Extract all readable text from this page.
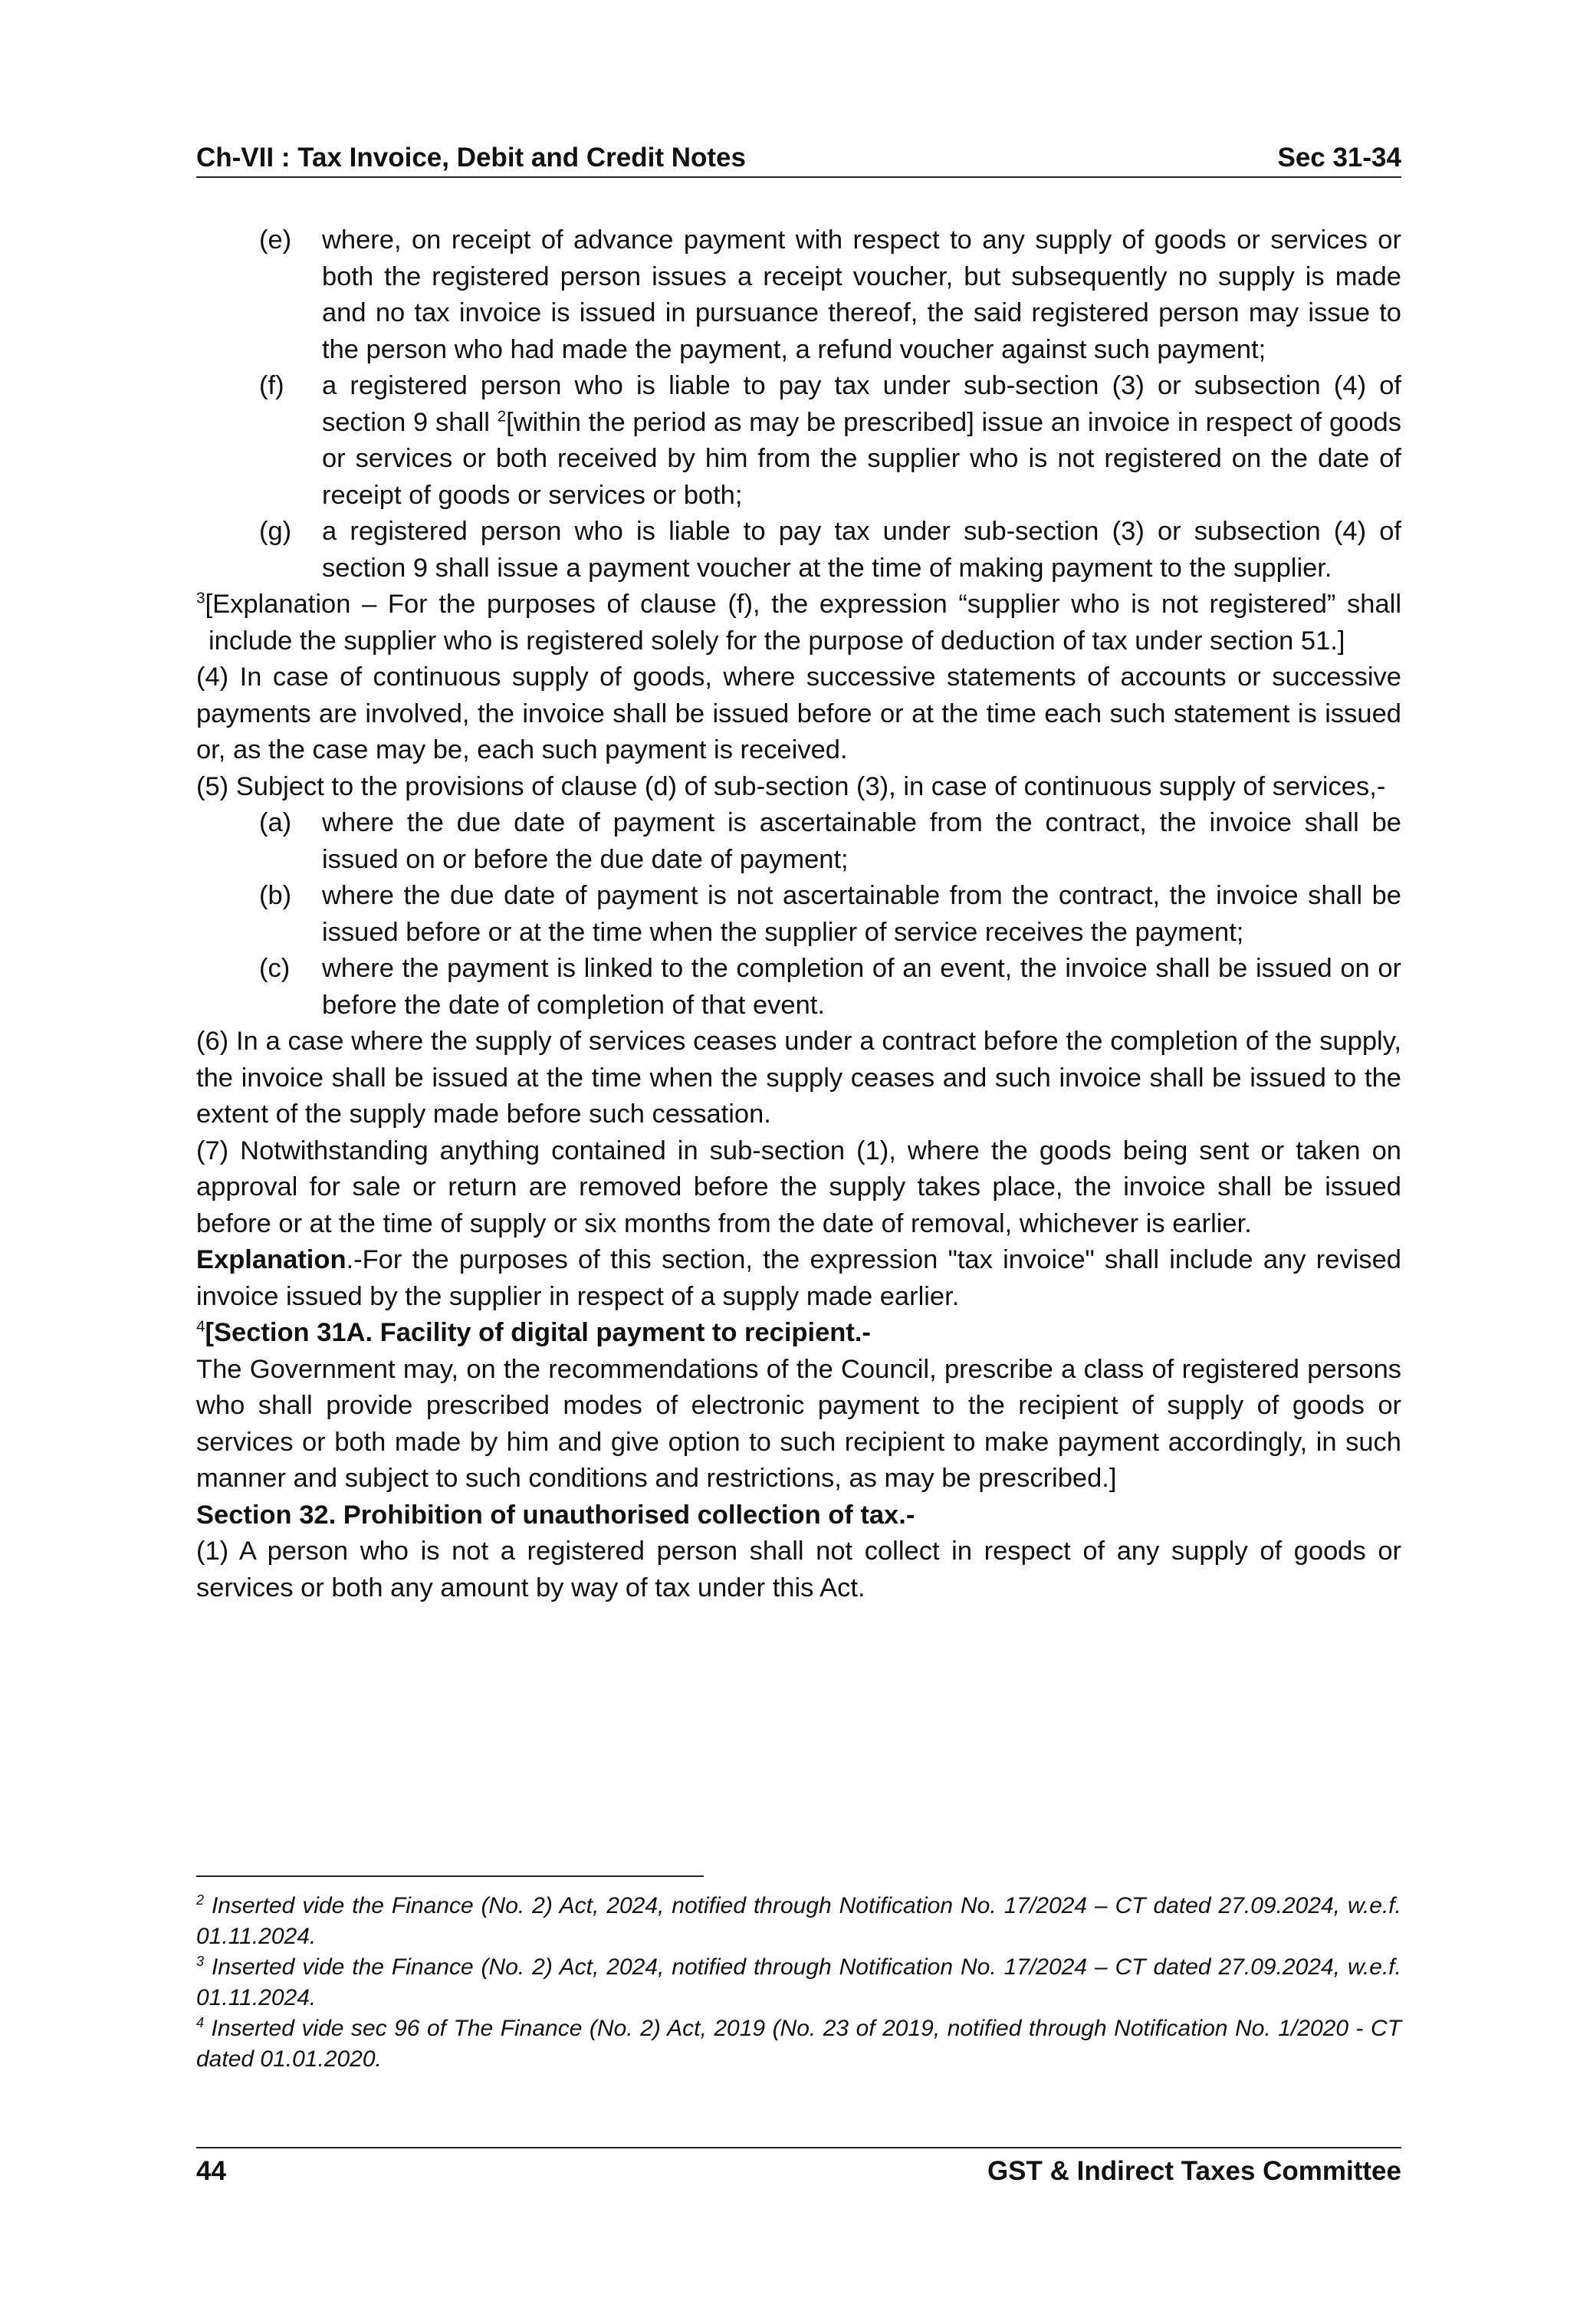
Ch-VII : Tax Invoice, Debit and Credit Notes	Sec 31-34

(e) where, on receipt of advance payment with respect to any supply of goods or services or both the registered person issues a receipt voucher, but subsequently no supply is made and no tax invoice is issued in pursuance thereof, the said registered person may issue to the person who had made the payment, a refund voucher against such payment;

(f) a registered person who is liable to pay tax under sub-section (3) or subsection (4) of section 9 shall $^2$[within the period as may be prescribed] issue an invoice in respect of goods or services or both received by him from the supplier who is not registered on the date of receipt of goods or services or both;

(g) a registered person who is liable to pay tax under sub-section (3) or subsection (4) of section 9 shall issue a payment voucher at the time of making payment to the supplier.

$^3$[Explanation – For the purposes of clause (f), the expression “supplier who is not registered” shall include the supplier who is registered solely for the purpose of deduction of tax under section 51.]

(4) In case of continuous supply of goods, where successive statements of accounts or successive payments are involved, the invoice shall be issued before or at the time each such statement is issued or, as the case may be, each such payment is received.

(5) Subject to the provisions of clause (d) of sub-section (3), in case of continuous supply of services,-

(a) where the due date of payment is ascertainable from the contract, the invoice shall be issued on or before the due date of payment;

(b) where the due date of payment is not ascertainable from the contract, the invoice shall be issued before or at the time when the supplier of service receives the payment;

(c) where the payment is linked to the completion of an event, the invoice shall be issued on or before the date of completion of that event.

(6) In a case where the supply of services ceases under a contract before the completion of the supply, the invoice shall be issued at the time when the supply ceases and such invoice shall be issued to the extent of the supply made before such cessation.

(7) Notwithstanding anything contained in sub-section (1), where the goods being sent or taken on approval for sale or return are removed before the supply takes place, the invoice shall be issued before or at the time of supply or six months from the date of removal, whichever is earlier.

Explanation.-For the purposes of this section, the expression "tax invoice" shall include any revised invoice issued by the supplier in respect of a supply made earlier.

$^4$[Section 31A. Facility of digital payment to recipient.-

The Government may, on the recommendations of the Council, prescribe a class of registered persons who shall provide prescribed modes of electronic payment to the recipient of supply of goods or services or both made by him and give option to such recipient to make payment accordingly, in such manner and subject to such conditions and restrictions, as may be prescribed.]

Section 32. Prohibition of unauthorised collection of tax.-

(1) A person who is not a registered person shall not collect in respect of any supply of goods or services or both any amount by way of tax under this Act.

$^2$ Inserted vide the Finance (No. 2) Act, 2024, notified through Notification No. 17/2024 – CT dated 27.09.2024, w.e.f. 01.11.2024.

$^3$ Inserted vide the Finance (No. 2) Act, 2024, notified through Notification No. 17/2024 – CT dated 27.09.2024, w.e.f. 01.11.2024.

$^4$ Inserted vide sec 96 of The Finance (No. 2) Act, 2019 (No. 23 of 2019, notified through Notification No. 1/2020 - CT dated 01.01.2020.

44	GST & Indirect Taxes Committee
